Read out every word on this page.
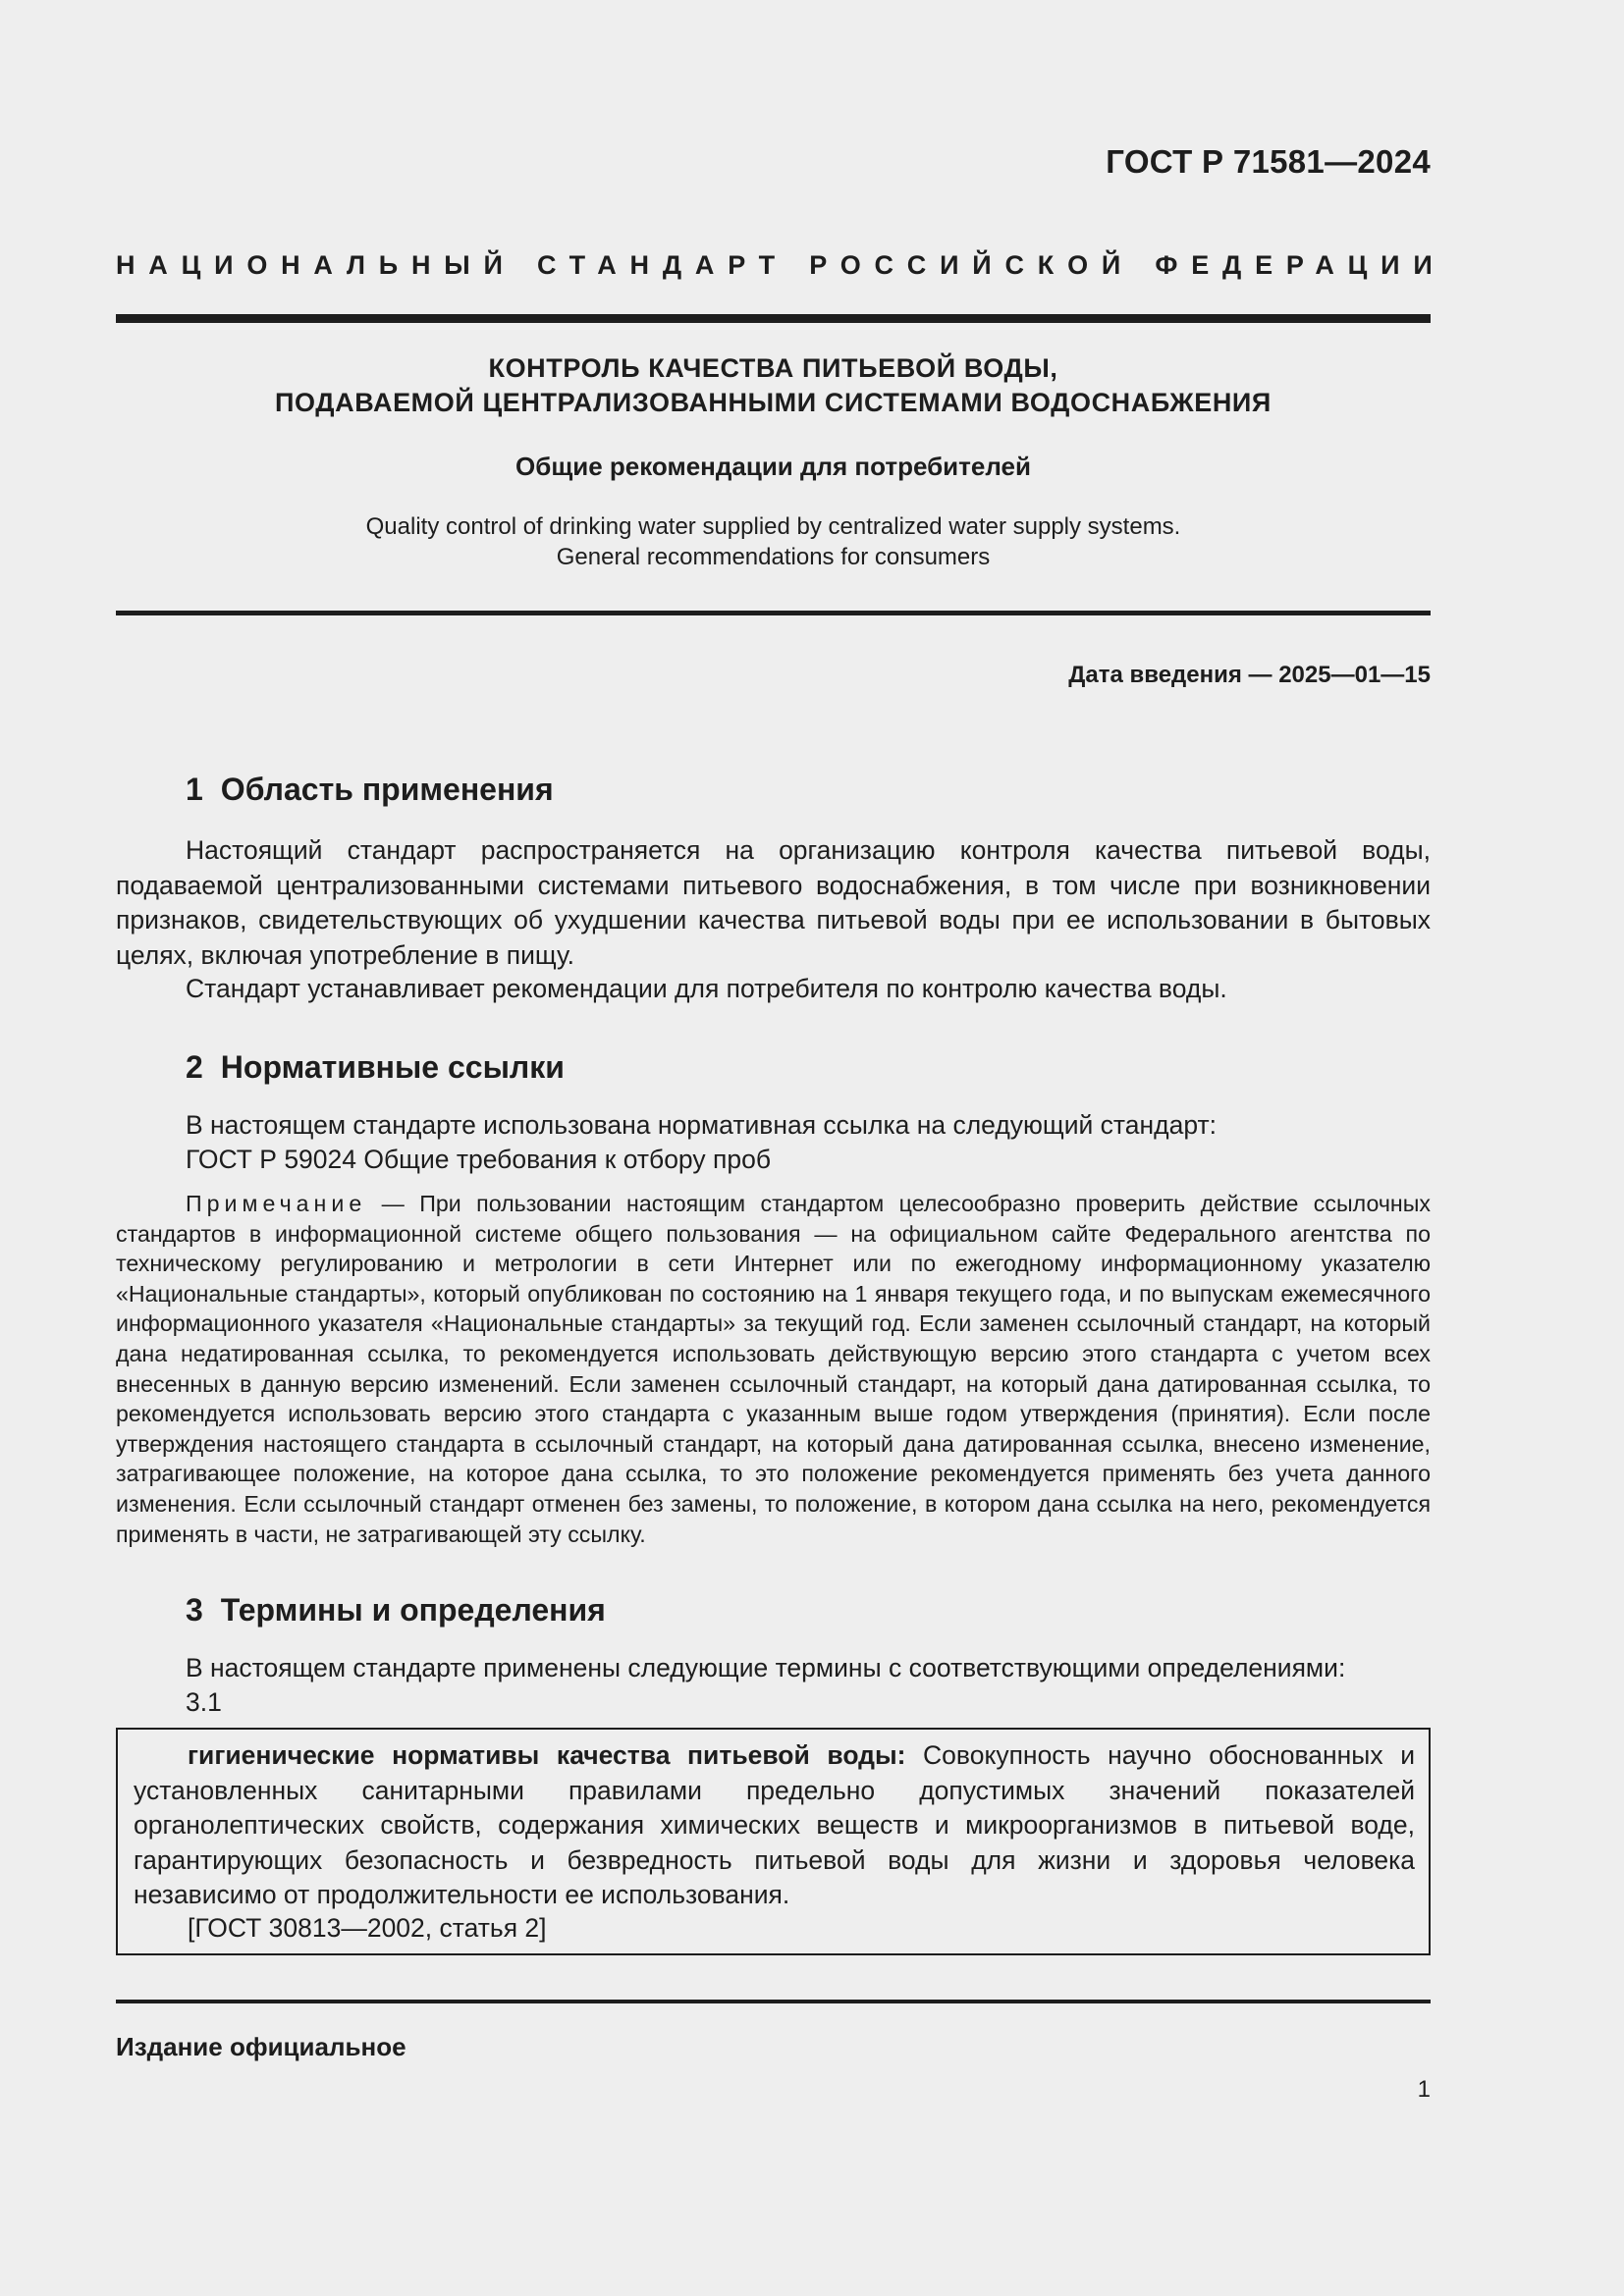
ГОСТ Р 71581—2024
НАЦИОНАЛЬНЫЙ СТАНДАРТ РОССИЙСКОЙ ФЕДЕРАЦИИ
КОНТРОЛЬ КАЧЕСТВА ПИТЬЕВОЙ ВОДЫ,
ПОДАВАЕМОЙ ЦЕНТРАЛИЗОВАННЫМИ СИСТЕМАМИ ВОДОСНАБЖЕНИЯ
Общие рекомендации для потребителей
Quality control of drinking water supplied by centralized water supply systems.
General recommendations for consumers
Дата введения — 2025—01—15
1 Область применения
Настоящий стандарт распространяется на организацию контроля качества питьевой воды, подаваемой централизованными системами питьевого водоснабжения, в том числе при возникновении признаков, свидетельствующих об ухудшении качества питьевой воды при ее использовании в бытовых целях, включая употребление в пищу.
Стандарт устанавливает рекомендации для потребителя по контролю качества воды.
2 Нормативные ссылки
В настоящем стандарте использована нормативная ссылка на следующий стандарт:
ГОСТ Р 59024 Общие требования к отбору проб
Примечание — При пользовании настоящим стандартом целесообразно проверить действие ссылочных стандартов в информационной системе общего пользования — на официальном сайте Федерального агентства по техническому регулированию и метрологии в сети Интернет или по ежегодному информационному указателю «Национальные стандарты», который опубликован по состоянию на 1 января текущего года, и по выпускам ежемесячного информационного указателя «Национальные стандарты» за текущий год. Если заменен ссылочный стандарт, на который дана недатированная ссылка, то рекомендуется использовать действующую версию этого стандарта с учетом всех внесенных в данную версию изменений. Если заменен ссылочный стандарт, на который дана датированная ссылка, то рекомендуется использовать версию этого стандарта с указанным выше годом утверждения (принятия). Если после утверждения настоящего стандарта в ссылочный стандарт, на который дана датированная ссылка, внесено изменение, затрагивающее положение, на которое дана ссылка, то это положение рекомендуется применять без учета данного изменения. Если ссылочный стандарт отменен без замены, то положение, в котором дана ссылка на него, рекомендуется применять в части, не затрагивающей эту ссылку.
3 Термины и определения
В настоящем стандарте применены следующие термины с соответствующими определениями:
3.1
гигиенические нормативы качества питьевой воды: Совокупность научно обоснованных и установленных санитарными правилами предельно допустимых значений показателей органолептических свойств, содержания химических веществ и микроорганизмов в питьевой воде, гарантирующих безопасность и безвредность питьевой воды для жизни и здоровья человека независимо от продолжительности ее использования.
[ГОСТ 30813—2002, статья 2]
Издание официальное
1
